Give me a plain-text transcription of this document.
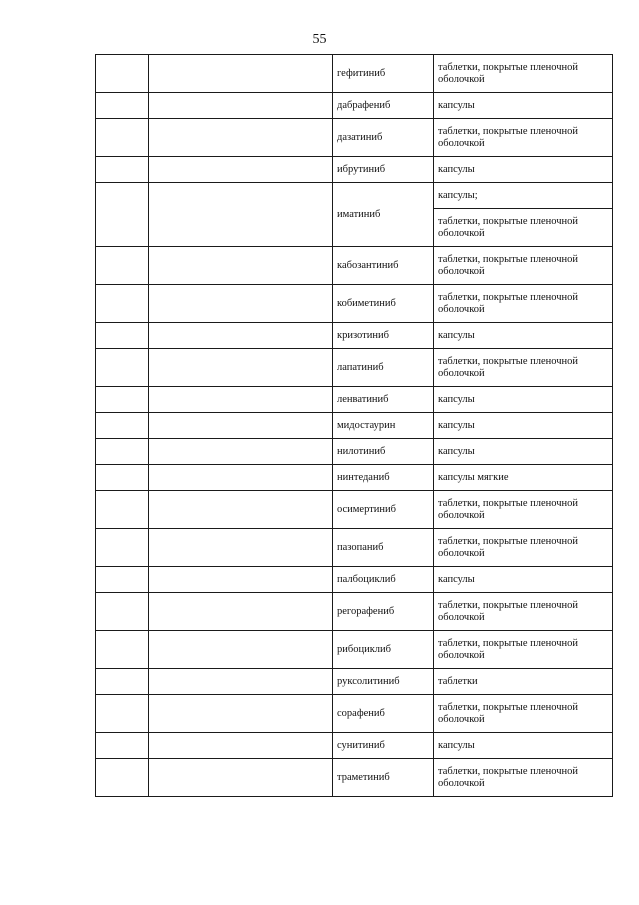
55
		гефитиниб	таблетки, покрытые пленочной оболочкой
		дабрафениб	капсулы
		дазатиниб	таблетки, покрытые пленочной оболочкой
		ибрутиниб	капсулы
		иматиниб	капсулы;
			таблетки, покрытые пленочной оболочкой
		кабозантиниб	таблетки, покрытые пленочной оболочкой
		кобиметиниб	таблетки, покрытые пленочной оболочкой
		кризотиниб	капсулы
		лапатиниб	таблетки, покрытые пленочной оболочкой
		ленватиниб	капсулы
		мидостаурин	капсулы
		нилотиниб	капсулы
		нинтеданиб	капсулы мягкие
		осимертиниб	таблетки, покрытые пленочной оболочкой
		пазопаниб	таблетки, покрытые пленочной оболочкой
		палбоциклиб	капсулы
		регорафениб	таблетки, покрытые пленочной оболочкой
		рибоциклиб	таблетки, покрытые пленочной оболочкой
		руксолитиниб	таблетки
		сорафениб	таблетки, покрытые пленочной оболочкой
		сунитиниб	капсулы
		траметиниб	таблетки, покрытые пленочной оболочкой
